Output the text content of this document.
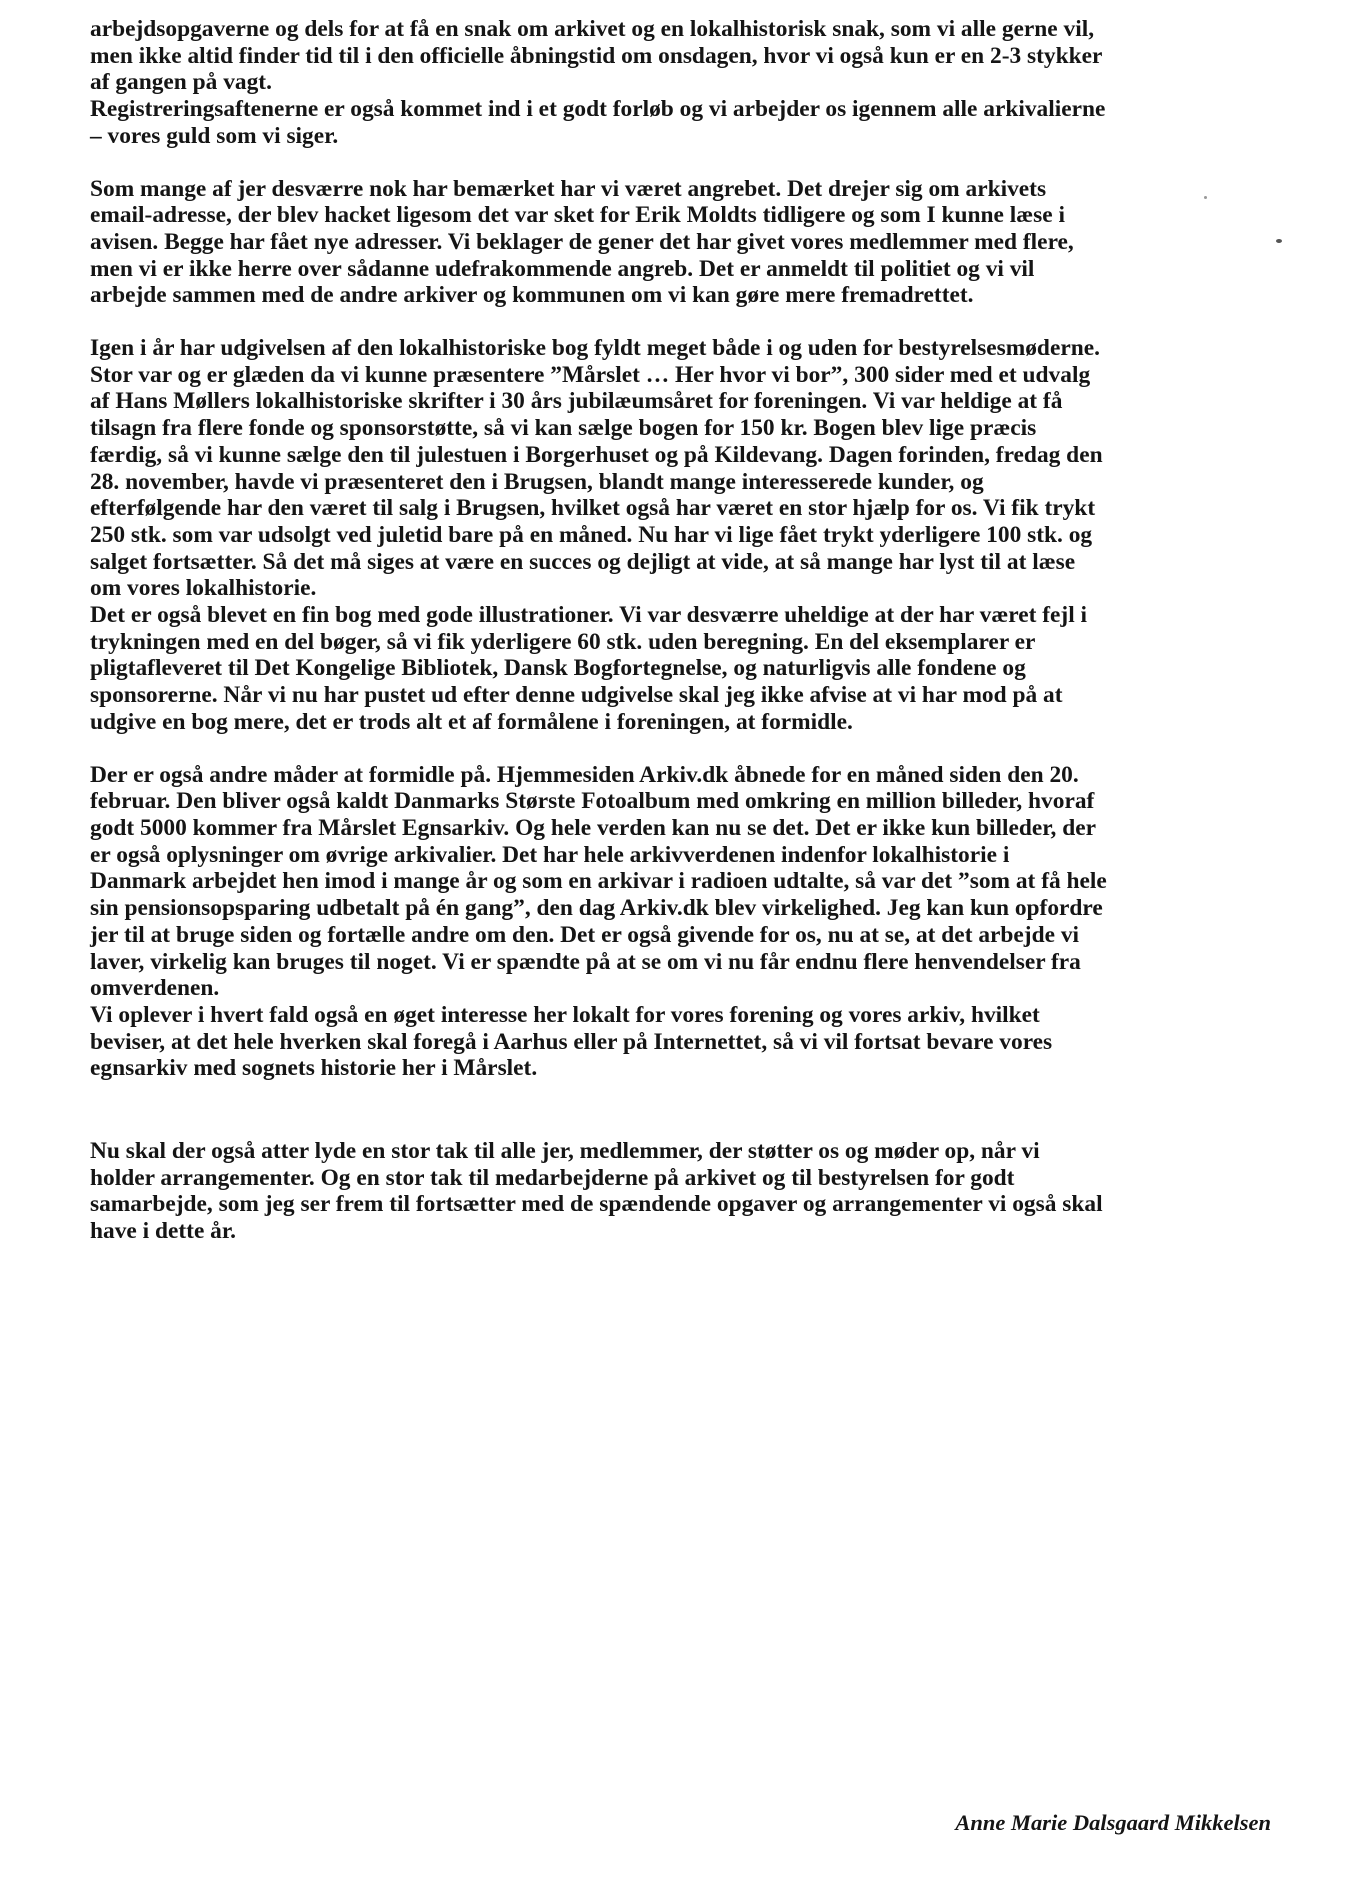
arbejdsopgaverne og dels for at få en snak om arkivet og en lokalhistorisk snak, som vi alle gerne vil,
men ikke altid finder tid til i den officielle åbningstid om onsdagen, hvor vi også kun er en 2-3 stykker
af gangen på vagt.
Registreringsaftenerne er også kommet ind i et godt forløb og vi arbejder os igennem alle arkivalierne
– vores guld som vi siger.
Som mange af jer desværre nok har bemærket har vi været angrebet. Det drejer sig om arkivets
email-adresse, der blev hacket ligesom det var sket for Erik Moldts tidligere og som I kunne læse i
avisen. Begge har fået nye adresser. Vi beklager de gener det har givet vores medlemmer med flere,
men vi er ikke herre over sådanne udefrakommende angreb. Det er anmeldt til politiet og vi vil
arbejde sammen med de andre arkiver og kommunen om vi kan gøre mere fremadrettet.
Igen i år har udgivelsen af den lokalhistoriske bog fyldt meget både i og uden for bestyrelsesmøderne.
Stor var og er glæden da vi kunne præsentere ”Mårslet … Her hvor vi bor”, 300 sider med et udvalg
af Hans Møllers lokalhistoriske skrifter i 30 års jubilæumsåret for foreningen. Vi var heldige at få
tilsagn fra flere fonde og sponsorstøtte, så vi kan sælge bogen for 150 kr. Bogen blev lige præcis
færdig, så vi kunne sælge den til julestuen i Borgerhuset og på Kildevang. Dagen forinden, fredag den
28. november, havde vi præsenteret den i Brugsen, blandt mange interesserede kunder, og
efterfølgende har den været til salg i Brugsen, hvilket også har været en stor hjælp for os. Vi fik trykt
250 stk. som var udsolgt ved juletid bare på en måned. Nu har vi lige fået trykt yderligere 100 stk. og
salget fortsætter. Så det må siges at være en succes og dejligt at vide, at så mange har lyst til at læse
om vores lokalhistorie.
Det er også blevet en fin bog med gode illustrationer. Vi var desværre uheldige at der har været fejl i
trykningen med en del bøger, så vi fik yderligere 60 stk. uden beregning. En del eksemplarer er
pligtafleveret til Det Kongelige Bibliotek, Dansk Bogfortegnelse, og naturligvis alle fondene og
sponsorerne. Når vi nu har pustet ud efter denne udgivelse skal jeg ikke afvise at vi har mod på at
udgive en bog mere, det er trods alt et af formålene i foreningen, at formidle.
Der er også andre måder at formidle på. Hjemmesiden Arkiv.dk åbnede for en måned siden den 20.
februar. Den bliver også kaldt Danmarks Største Fotoalbum med omkring en million billeder, hvoraf
godt 5000 kommer fra Mårslet Egnsarkiv. Og hele verden kan nu se det. Det er ikke kun billeder, der
er også oplysninger om øvrige arkivalier. Det har hele arkivverdenen indenfor lokalhistorie i
Danmark arbejdet hen imod i mange år og som en arkivar i radioen udtalte, så var det ”som at få hele
sin pensionsopsparing udbetalt på én gang”, den dag Arkiv.dk blev virkelighed. Jeg kan kun opfordre
jer til at bruge siden og fortælle andre om den. Det er også givende for os, nu at se, at det arbejde vi
laver, virkelig kan bruges til noget. Vi er spændte på at se om vi nu får endnu flere henvendelser fra
omverdenen.
Vi oplever i hvert fald også en øget interesse her lokalt for vores forening og vores arkiv, hvilket
beviser, at det hele hverken skal foregå i Aarhus eller på Internettet, så vi vil fortsat bevare vores
egnsarkiv med sognets historie her i Mårslet.
Nu skal der også atter lyde en stor tak til alle jer, medlemmer, der støtter os og møder op, når vi
holder arrangementer. Og en stor tak til medarbejderne på arkivet og til bestyrelsen for godt
samarbejde, som jeg ser frem til fortsætter med de spændende opgaver og arrangementer vi også skal
have i dette år.
Anne Marie Dalsgaard Mikkelsen
